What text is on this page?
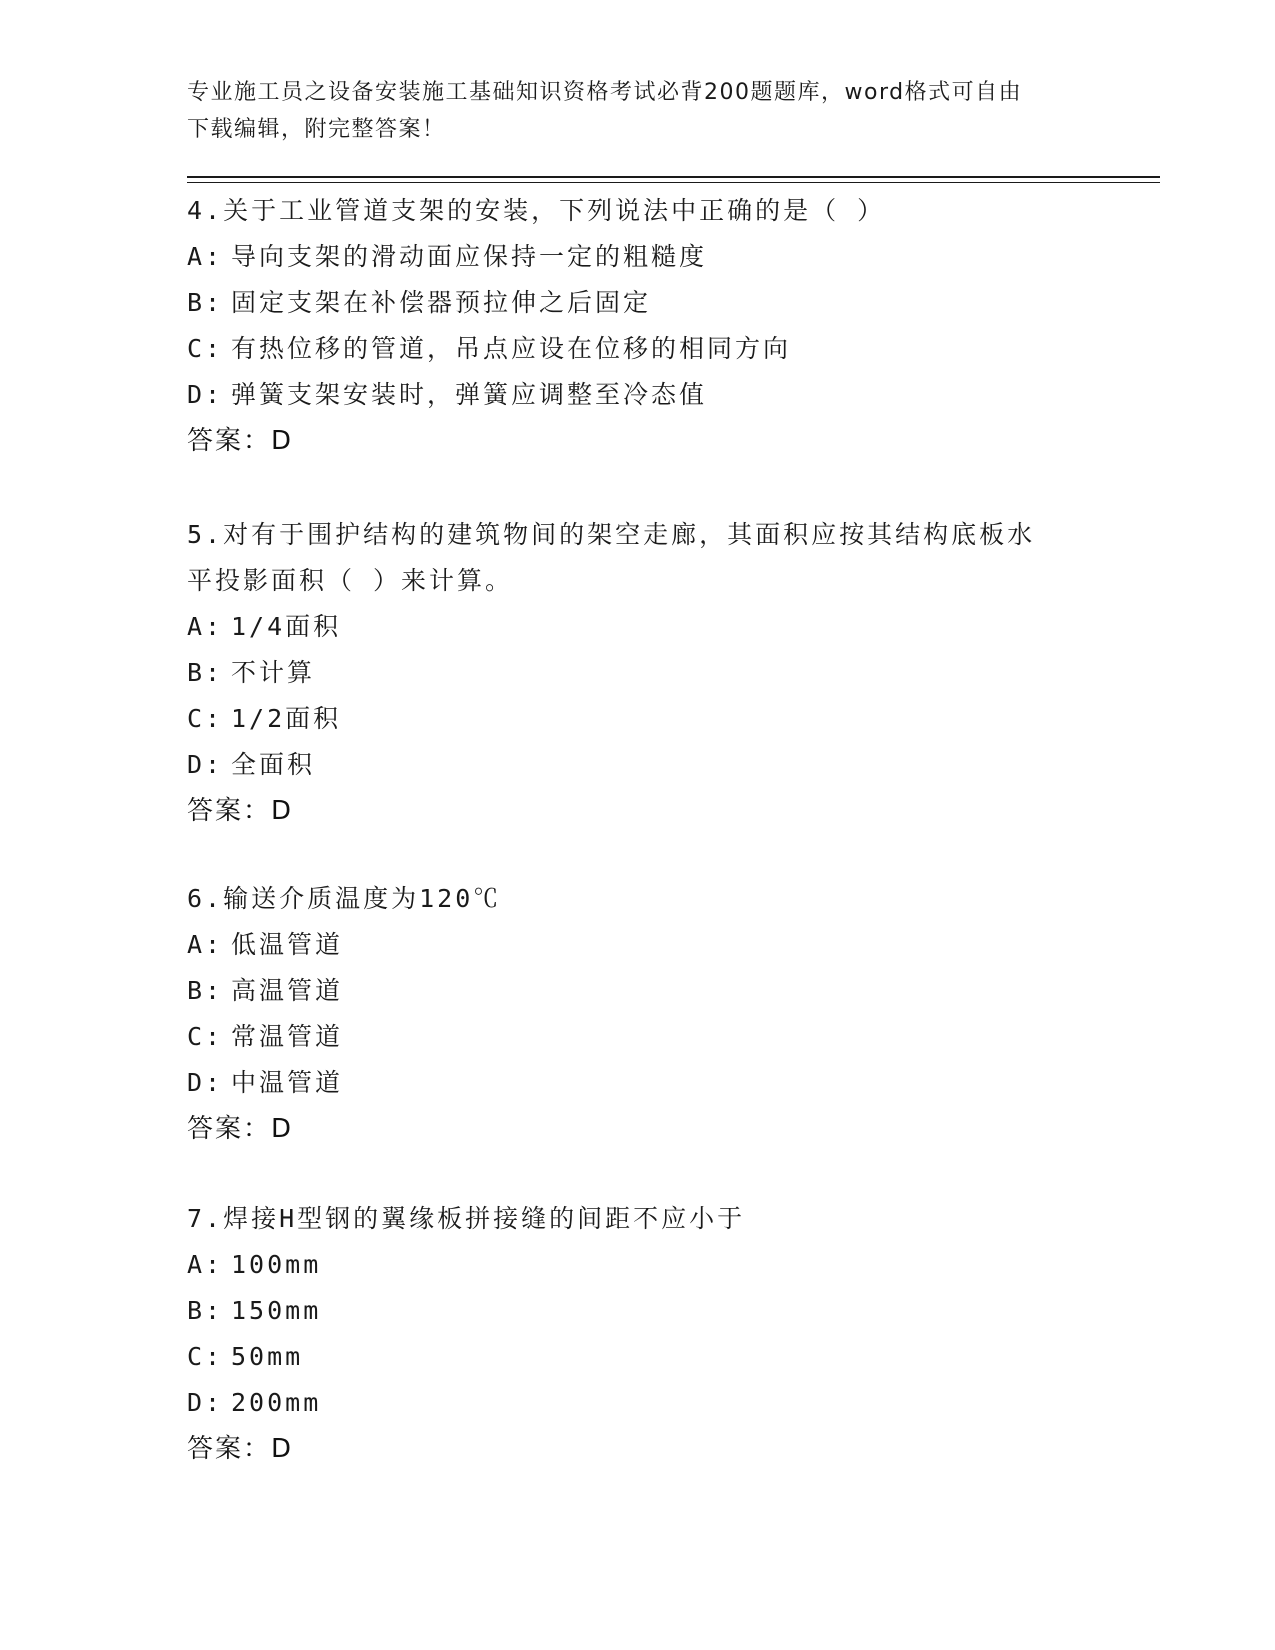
专业施工员之设备安装施工基础知识资格考试必背200题题库，word格式可自由
下载编辑，附完整答案！
4.关于工业管道支架的安装，下列说法中正确的是（ ）
A: 导向支架的滑动面应保持一定的粗糙度
B: 固定支架在补偿器预拉伸之后固定
C: 有热位移的管道，吊点应设在位移的相同方向
D: 弹簧支架安装时，弹簧应调整至冷态值
答案：D
5.对有于围护结构的建筑物间的架空走廊，其面积应按其结构底板水
平投影面积（ ）来计算。
A: 1/4面积
B: 不计算
C: 1/2面积
D: 全面积
答案：D
6.输送介质温度为120℃
A: 低温管道
B: 高温管道
C: 常温管道
D: 中温管道
答案：D
7.焊接H型钢的翼缘板拼接缝的间距不应小于
A: 100mm
B: 150mm
C: 50mm
D: 200mm
答案：D
